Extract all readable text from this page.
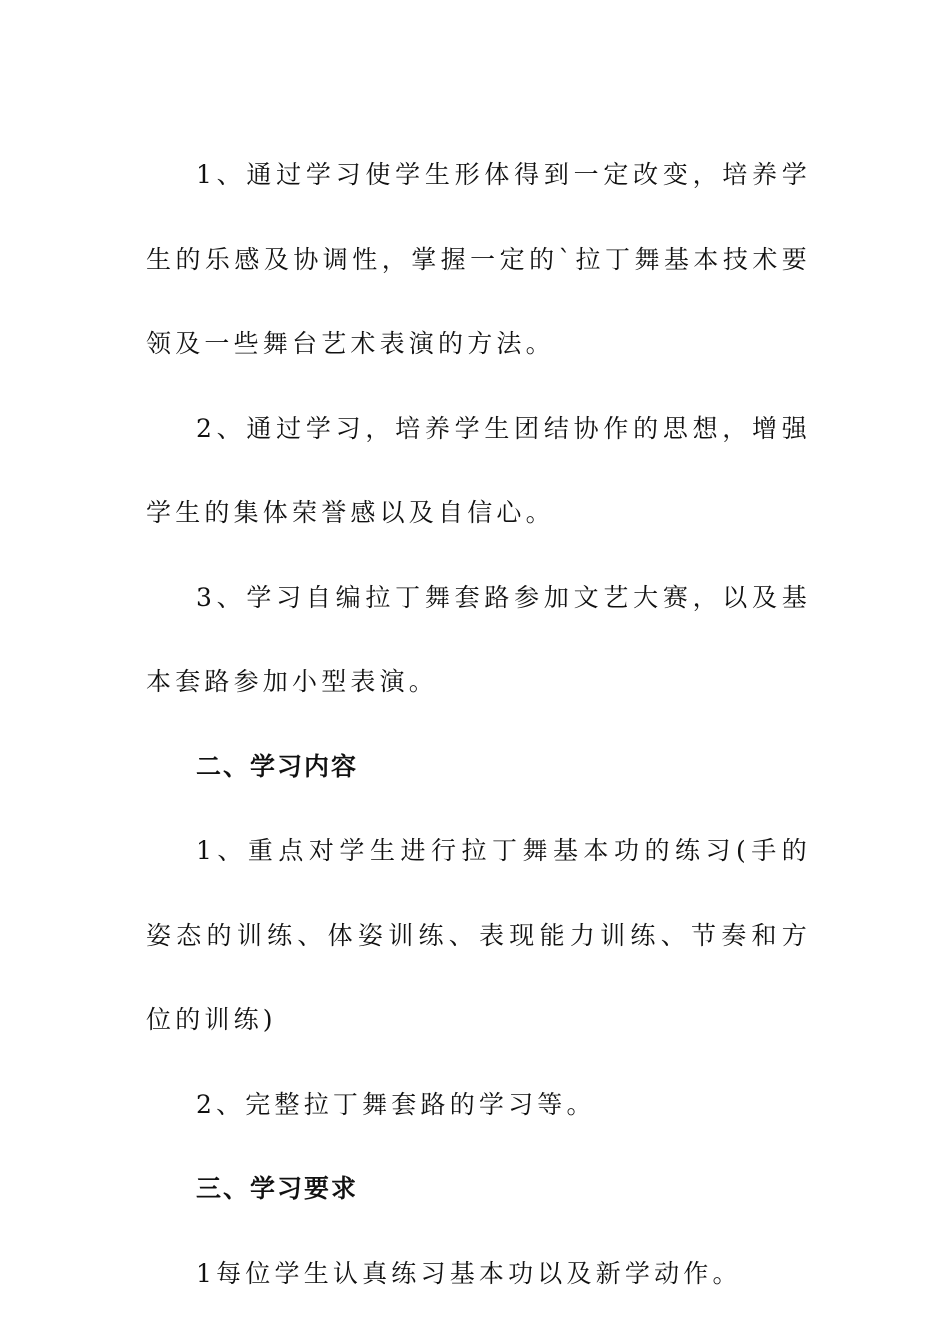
1、通过学习使学生形体得到一定改变，培养学生的乐感及协调性，掌握一定的`拉丁舞基本技术要领及一些舞台艺术表演的方法。

2、通过学习，培养学生团结协作的思想，增强学生的集体荣誉感以及自信心。

3、学习自编拉丁舞套路参加文艺大赛，以及基本套路参加小型表演。

二、学习内容

1、重点对学生进行拉丁舞基本功的练习(手的姿态的训练、体姿训练、表现能力训练、节奏和方位的训练)

2、完整拉丁舞套路的学习等。

三、学习要求

1每位学生认真练习基本功以及新学动作。
